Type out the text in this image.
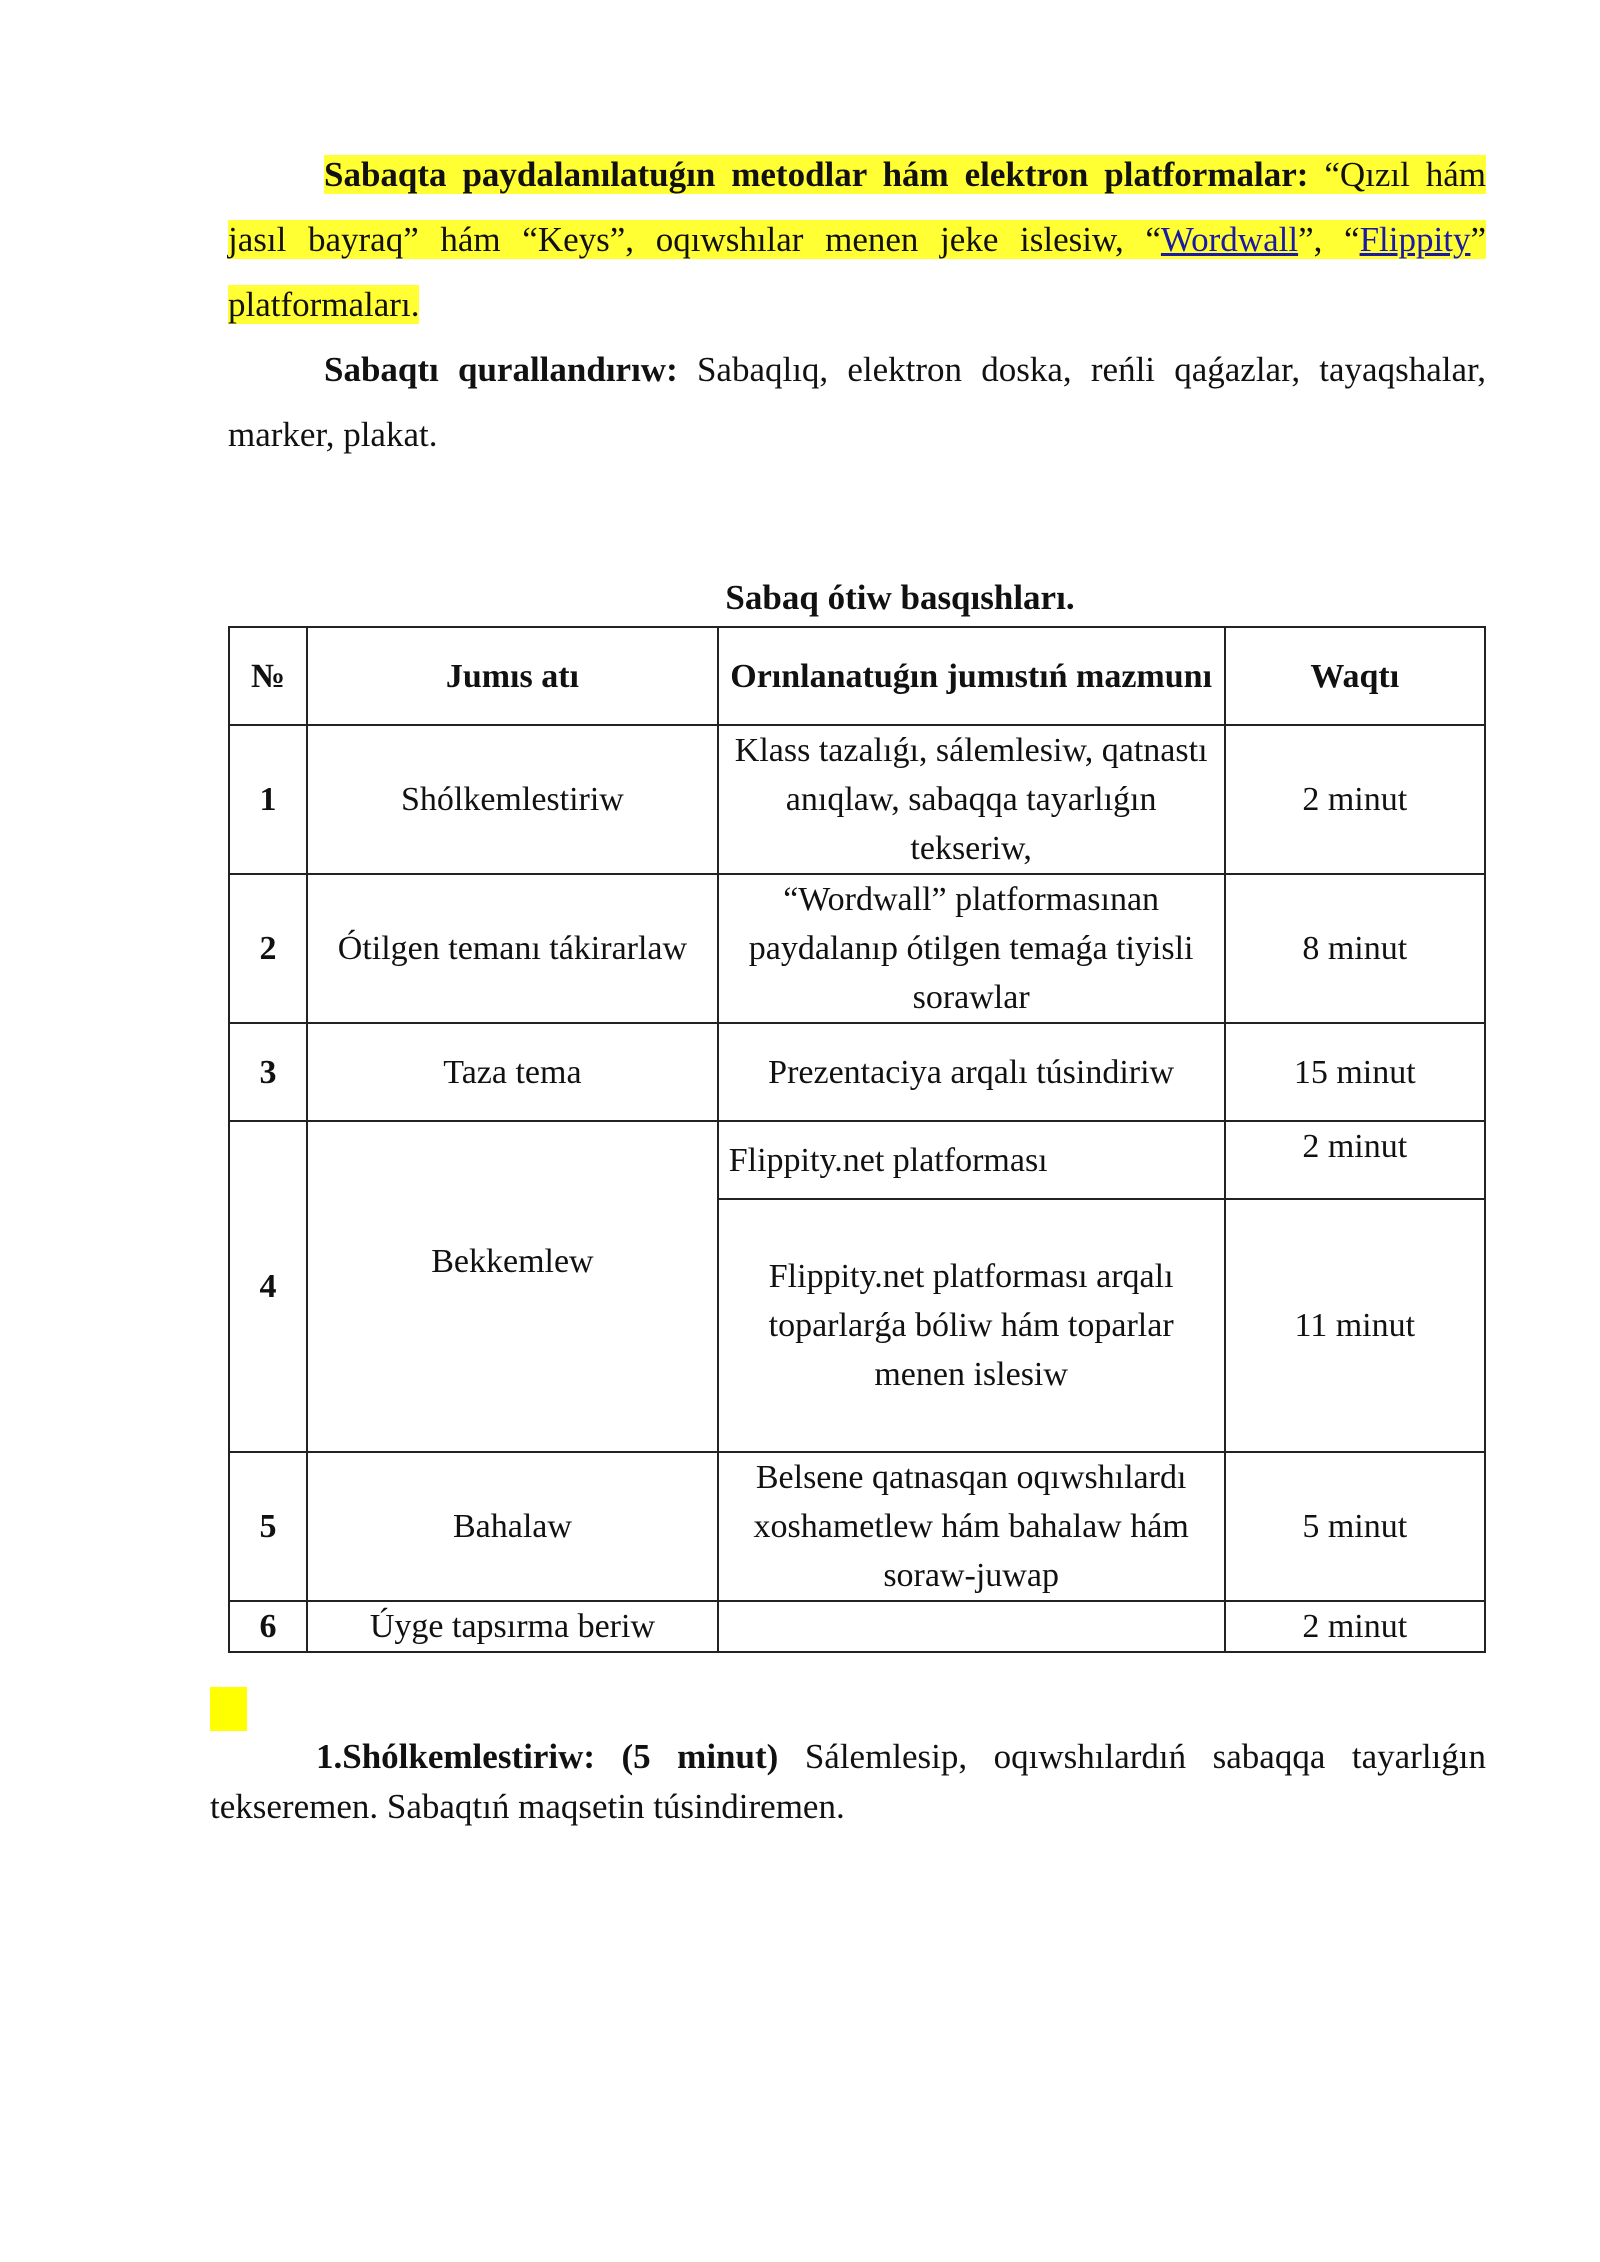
Sabaqta paydalanılatuǵın metodlar hám elektron platformalar: “Qızıl hám jasıl bayraq” hám “Keys”, oqıwshılar menen jeke islesiw, “Wordwall”, “Flippity” platformaları.

Sabaqtı qurallandırıw: Sabaqlıq, elektron doska, reńli qaǵazlar, tayaqshalar, marker, plakat.

Sabaq ótiw basqıshları.
№	Jumıs atı	Orınlanatuǵın jumıstıń mazmunı	Waqtı
1	Shólkemlestiriw	Klass tazalıǵı, sálemlesiw, qatnastı anıqlaw, sabaqqa tayarlıǵın tekseriw,	2 minut
2	Ótilgen temanı tákirarlaw	“Wordwall” platformasınan paydalanıp ótilgen temaǵa tiyisli sorawlar	8 minut
3	Taza tema	Prezentaciya arqalı túsindiriw	15 minut
4	Bekkemlew	Flippity.net platforması	2 minut
		Flippity.net platforması arqalı toparlarǵa bóliw hám toparlar menen islesiw	11 minut
5	Bahalaw	Belsene qatnasqan oqıwshılardı xoshametlew hám bahalaw hám soraw-juwap	5 minut
6	Úyge tapsırma beriw		2 minut

1.Shólkemlestiriw: (5 minut) Sálemlesip, oqıwshılardıń sabaqqa tayarlıǵın tekseremen. Sabaqtıń maqsetin túsindiremen.
